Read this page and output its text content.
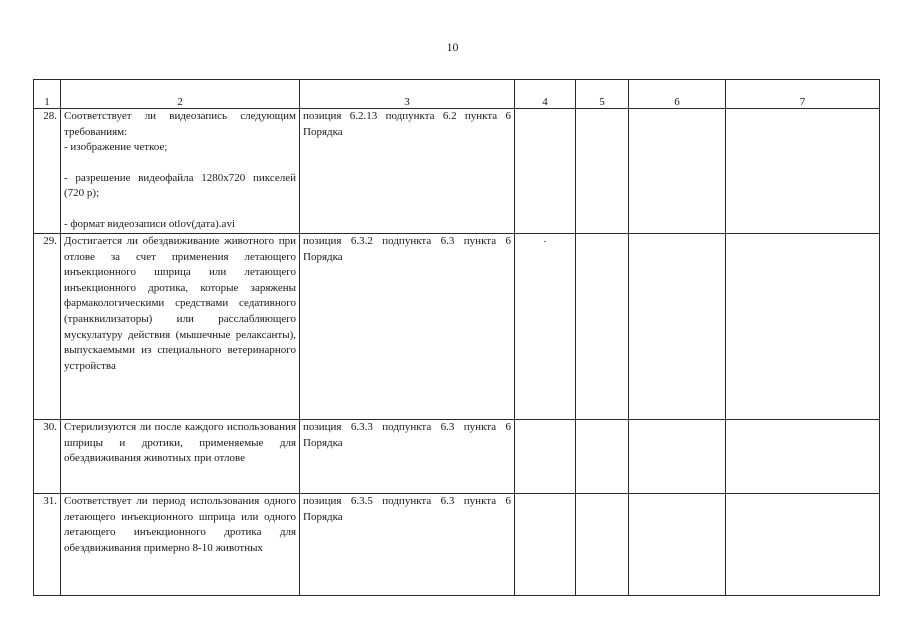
10
1	2	3	4	5	6	7
28.	Соответствует ли видеозапись следующим требованиям:
- изображение четкое;
- разрешение видеофайла 1280x720 пикселей (720 p);
- формат видеозаписи otlov(дата).avi	позиция 6.2.13 подпункта 6.2 пункта 6 Порядка				
29.	Достигается ли обездвиживание животного при отлове за счет применения летающего инъекционного шприца или летающего инъекционного дротика, которые заряжены фармакологическими средствами седативного (транквилизаторы) или расслабляющего мускулатуру действия (мышечные релаксанты), выпускаемыми из специального ветеринарного устройства	позиция 6.3.2 подпункта 6.3 пункта 6 Порядка	.			

30.	Стерилизуются ли после каждого использования шприцы и дротики, применяемые для обездвиживания животных при отлове	позиция 6.3.3 подпункта 6.3 пункта 6 Порядка				
31.	Соответствует ли период использования одного летающего инъекционного шприца или одного летающего инъекционного дротика для обездвиживания примерно 8-10 животных	позиция 6.3.5 подпункта 6.3 пункта 6 Порядка				
